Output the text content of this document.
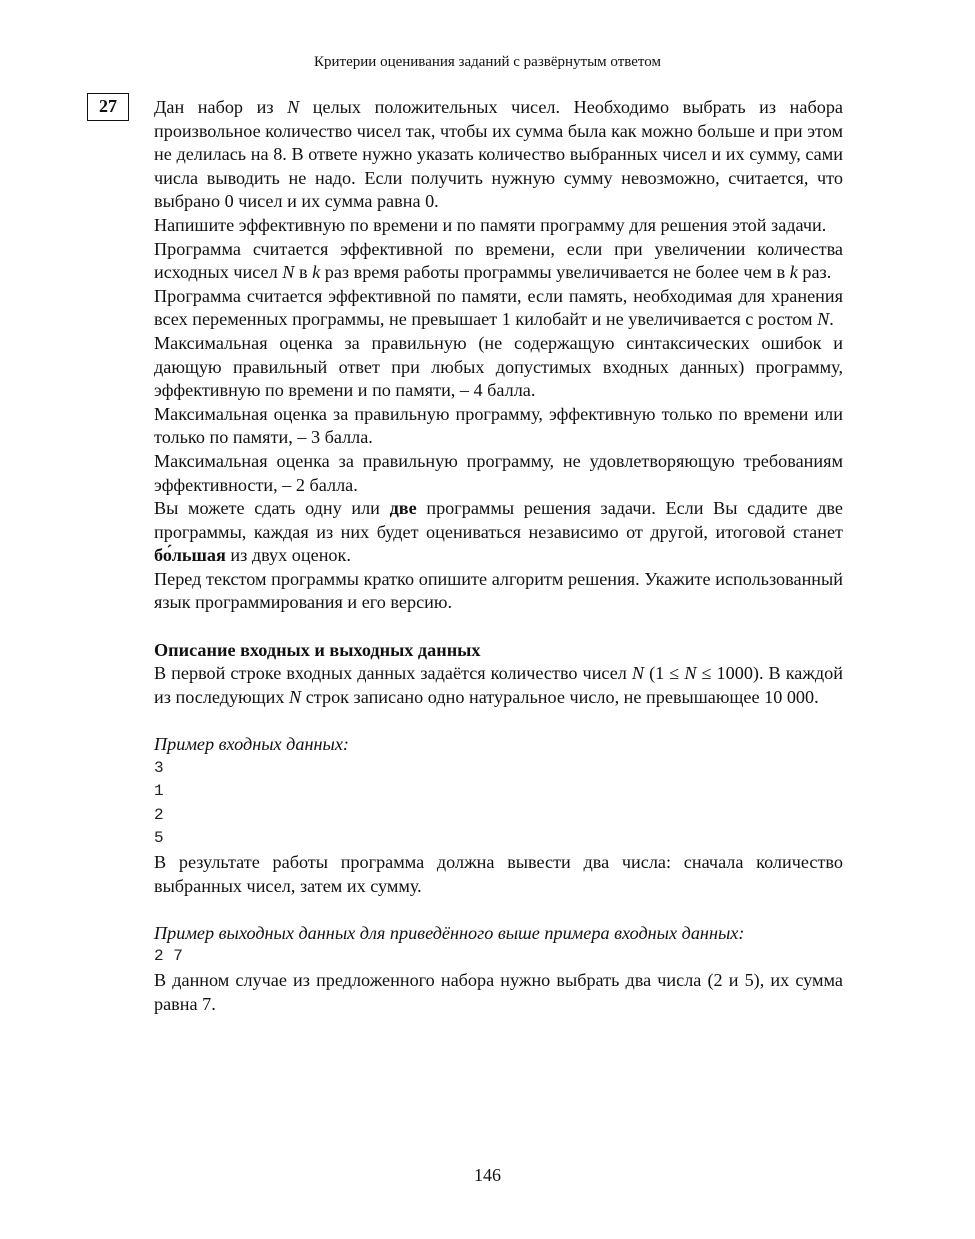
Критерии оценивания заданий с развёрнутым ответом
27	Дан набор из N целых положительных чисел. Необходимо выбрать из набора произвольное количество чисел так, чтобы их сумма была как можно больше и при этом не делилась на 8. В ответе нужно указать количество выбранных чисел и их сумму, сами числа выводить не надо. Если получить нужную сумму невозможно, считается, что выбрано 0 чисел и их сумма равна 0.

Напишите эффективную по времени и по памяти программу для решения этой задачи.

Программа считается эффективной по времени, если при увеличении количества исходных чисел N в k раз время работы программы увеличивается не более чем в k раз.

Программа считается эффективной по памяти, если память, необходимая для хранения всех переменных программы, не превышает 1 килобайт и не увеличивается с ростом N.

Максимальная оценка за правильную (не содержащую синтаксических ошибок и дающую правильный ответ при любых допустимых входных данных) программу, эффективную по времени и по памяти, – 4 балла.

Максимальная оценка за правильную программу, эффективную только по времени или только по памяти, – 3 балла.

Максимальная оценка за правильную программу, не удовлетворяющую требованиям эффективности, – 2 балла.

Вы можете сдать одну или две программы решения задачи. Если Вы сдадите две программы, каждая из них будет оцениваться независимо от другой, итоговой станет бо́льшая из двух оценок.

Перед текстом программы кратко опишите алгоритм решения. Укажите использованный язык программирования и его версию.

Описание входных и выходных данных

В первой строке входных данных задаётся количество чисел N (1 ≤ N ≤ 1000). В каждой из последующих N строк записано одно натуральное число, не превышающее 10 000.

Пример входных данных:

3

1

2

5

В результате работы программа должна вывести два числа: сначала количество выбранных чисел, затем их сумму.

Пример выходных данных для приведённого выше примера входных данных:

2 7

В данном случае из предложенного набора нужно выбрать два числа (2 и 5), их сумма равна 7.

146
